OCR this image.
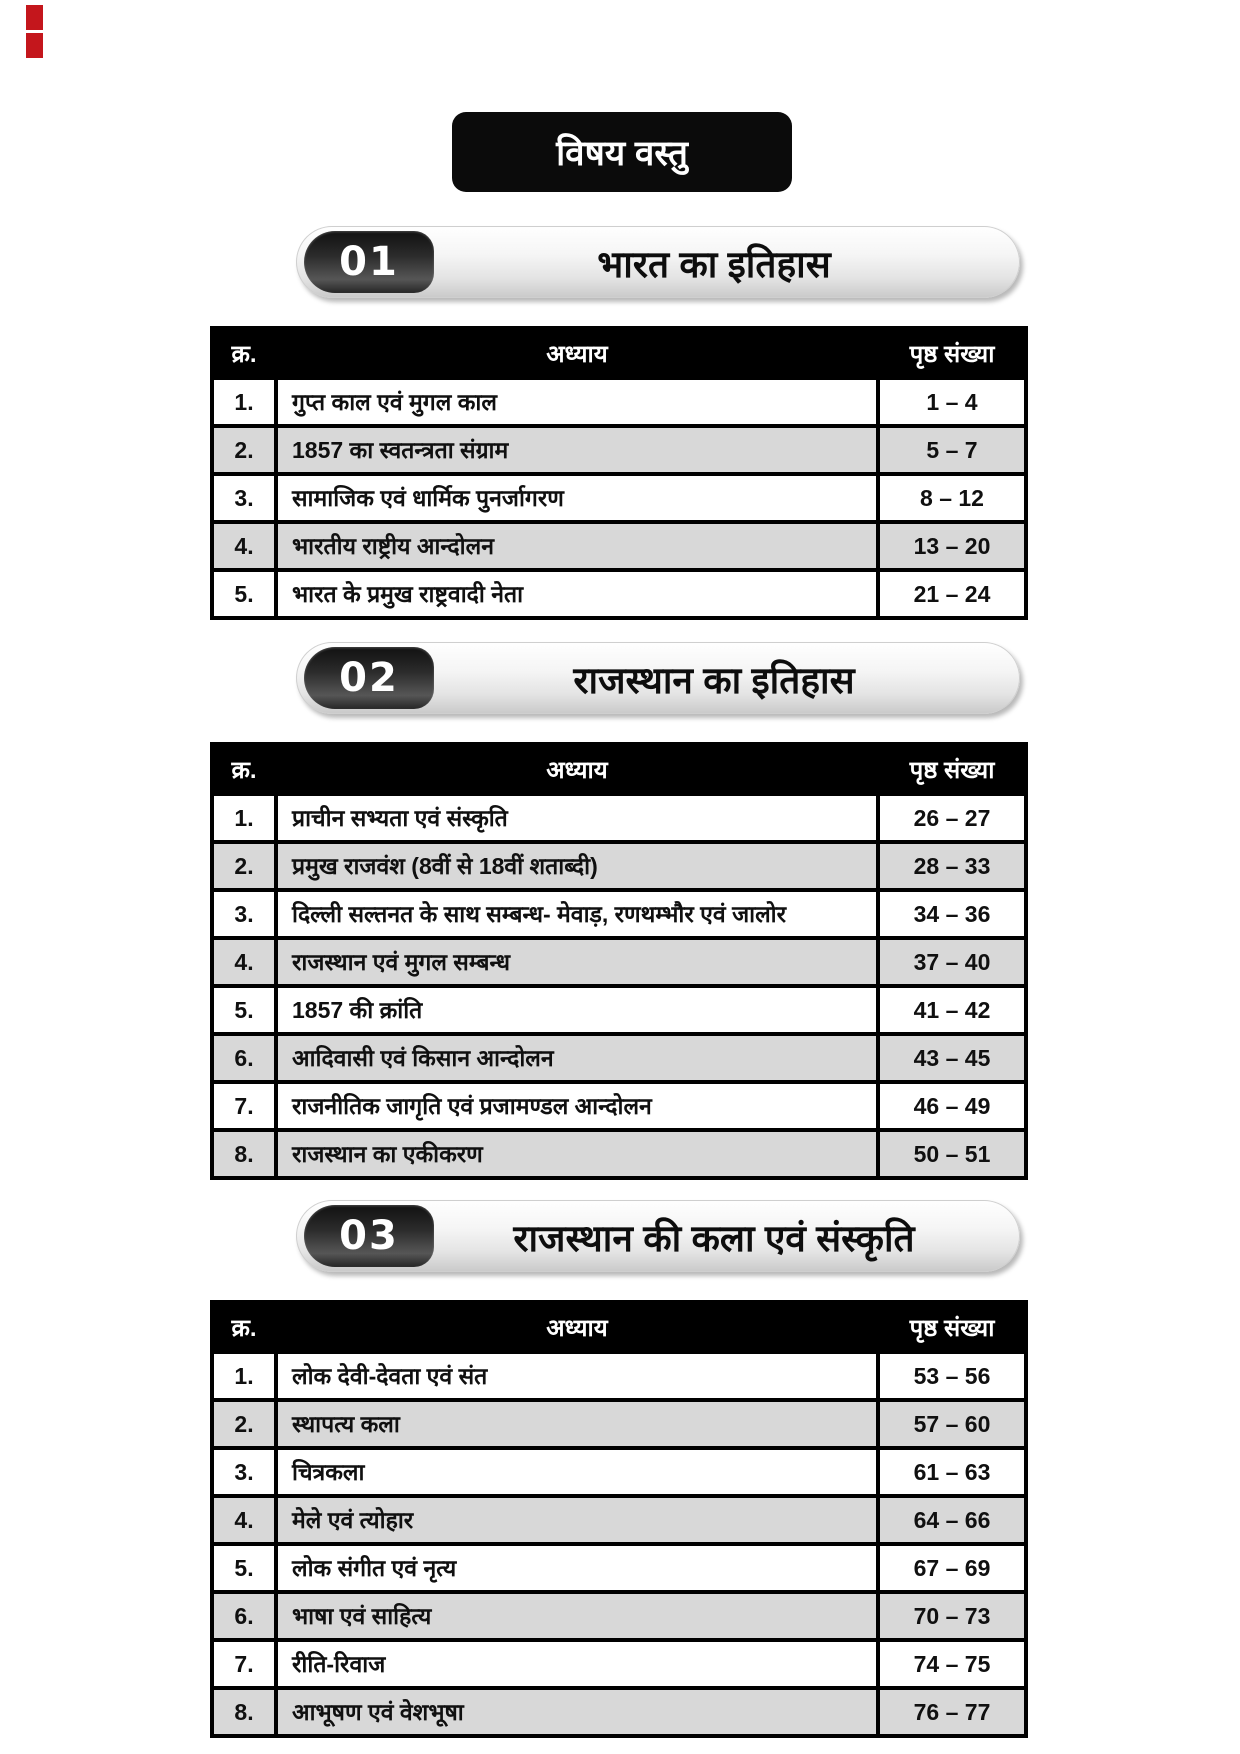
विषय वस्तु
01	भारत का इतिहास
क्र.	अध्याय	पृष्ठ संख्या
1.	गुप्त काल एवं मुगल काल	1 – 4
2.	1857 का स्वतन्त्रता संग्राम	5 – 7
3.	सामाजिक एवं धार्मिक पुनर्जागरण	8 – 12
4.	भारतीय राष्ट्रीय आन्दोलन	13 – 20
5.	भारत के प्रमुख राष्ट्रवादी नेता	21 – 24
02	राजस्थान का इतिहास
क्र.	अध्याय	पृष्ठ संख्या
1.	प्राचीन सभ्यता एवं संस्कृति	26 – 27
2.	प्रमुख राजवंश (8वीं से 18वीं शताब्दी)	28 – 33
3.	दिल्ली सल्तनत के साथ सम्बन्ध- मेवाड़, रणथम्भौर एवं जालोर	34 – 36
4.	राजस्थान एवं मुगल सम्बन्ध	37 – 40
5.	1857 की क्रांति	41 – 42
6.	आदिवासी एवं किसान आन्दोलन	43 – 45
7.	राजनीतिक जागृति एवं प्रजामण्डल आन्दोलन	46 – 49
8.	राजस्थान का एकीकरण	50 – 51
03	राजस्थान की कला एवं संस्कृति
क्र.	अध्याय	पृष्ठ संख्या
1.	लोक देवी-देवता एवं संत	53 – 56
2.	स्थापत्य कला	57 – 60
3.	चित्रकला	61 – 63
4.	मेले एवं त्योहार	64 – 66
5.	लोक संगीत एवं नृत्य	67 – 69
6.	भाषा एवं साहित्य	70 – 73
7.	रीति-रिवाज	74 – 75
8.	आभूषण एवं वेशभूषा	76 – 77
